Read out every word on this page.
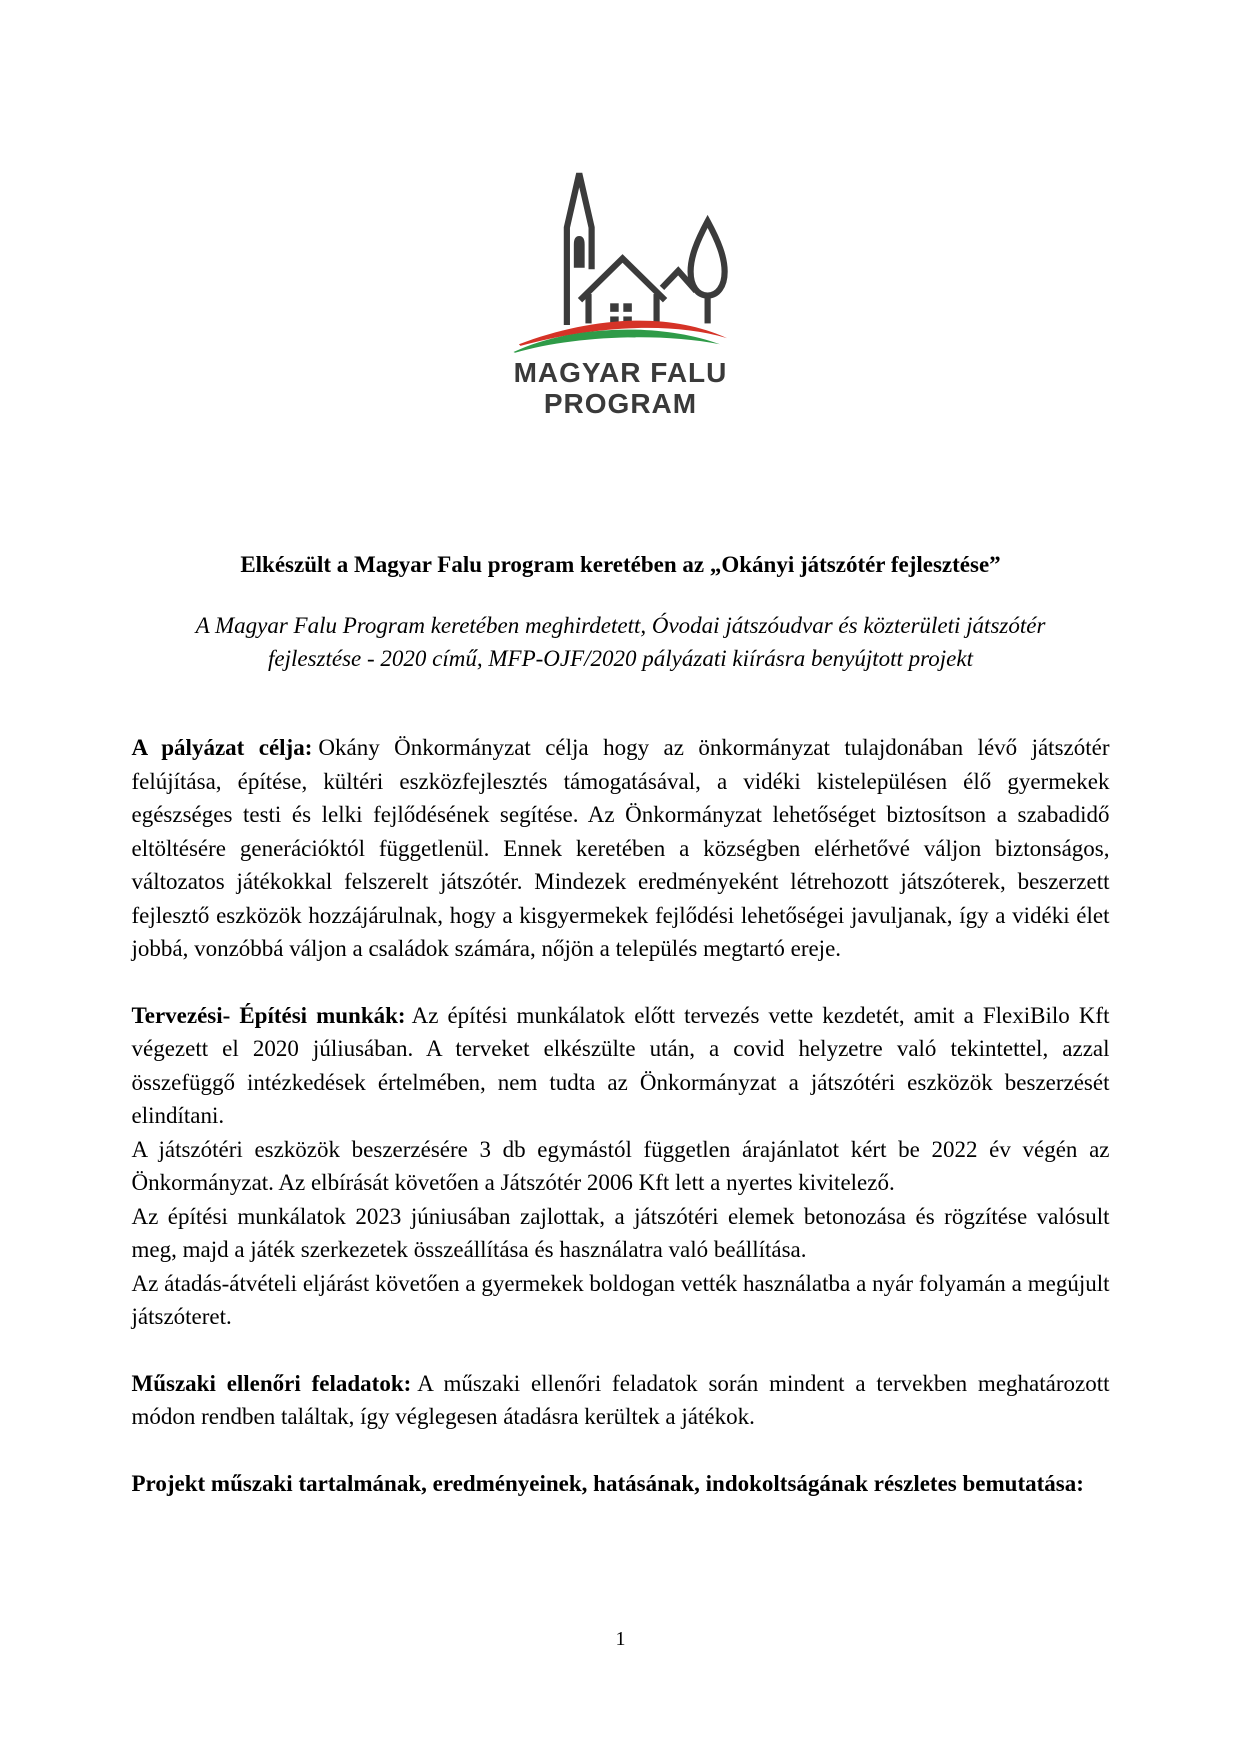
MAGYAR FALU
PROGRAM
Elkészült a Magyar Falu program keretében az „Okányi játszótér fejlesztése”
A Magyar Falu Program keretében meghirdetett, Óvodai játszóudvar és közterületi játszótér
fejlesztése - 2020 című, MFP-OJF/2020 pályázati kiírásra benyújtott projekt

A pályázat célja: Okány Önkormányzat célja hogy az önkormányzat tulajdonában lévő játszótér felújítása, építése, kültéri eszközfejlesztés támogatásával, a vidéki kistelepülésen élő gyermekek egészséges testi és lelki fejlődésének segítése. Az Önkormányzat lehetőséget biztosítson a szabadidő eltöltésére generációktól függetlenül. Ennek keretében a községben elérhetővé váljon biztonságos, változatos játékokkal felszerelt játszótér. Mindezek eredményeként létrehozott játszóterek, beszerzett fejlesztő eszközök hozzájárulnak, hogy a kisgyermekek fejlődési lehetőségei javuljanak, így a vidéki élet jobbá, vonzóbbá váljon a családok számára, nőjön a település megtartó ereje.

Tervezési- Építési munkák: Az építési munkálatok előtt tervezés vette kezdetét, amit a FlexiBilo Kft végezett el 2020 júliusában. A terveket elkészülte után, a covid helyzetre való tekintettel, azzal összefüggő intézkedések értelmében, nem tudta az Önkormányzat a játszótéri eszközök beszerzését elindítani.

A játszótéri eszközök beszerzésére 3 db egymástól független árajánlatot kért be 2022 év végén az Önkormányzat. Az elbírását követően a Játszótér 2006 Kft lett a nyertes kivitelező.

Az építési munkálatok 2023 júniusában zajlottak, a játszótéri elemek betonozása és rögzítése valósult meg, majd a játék szerkezetek összeállítása és használatra való beállítása.

Az átadás-átvételi eljárást követően a gyermekek boldogan vették használatba a nyár folyamán a megújult játszóteret.

Műszaki ellenőri feladatok: A műszaki ellenőri feladatok során mindent a tervekben meghatározott módon rendben találtak, így véglegesen átadásra kerültek a játékok.

Projekt műszaki tartalmának, eredményeinek, hatásának, indokoltságának részletes bemutatása:

1
